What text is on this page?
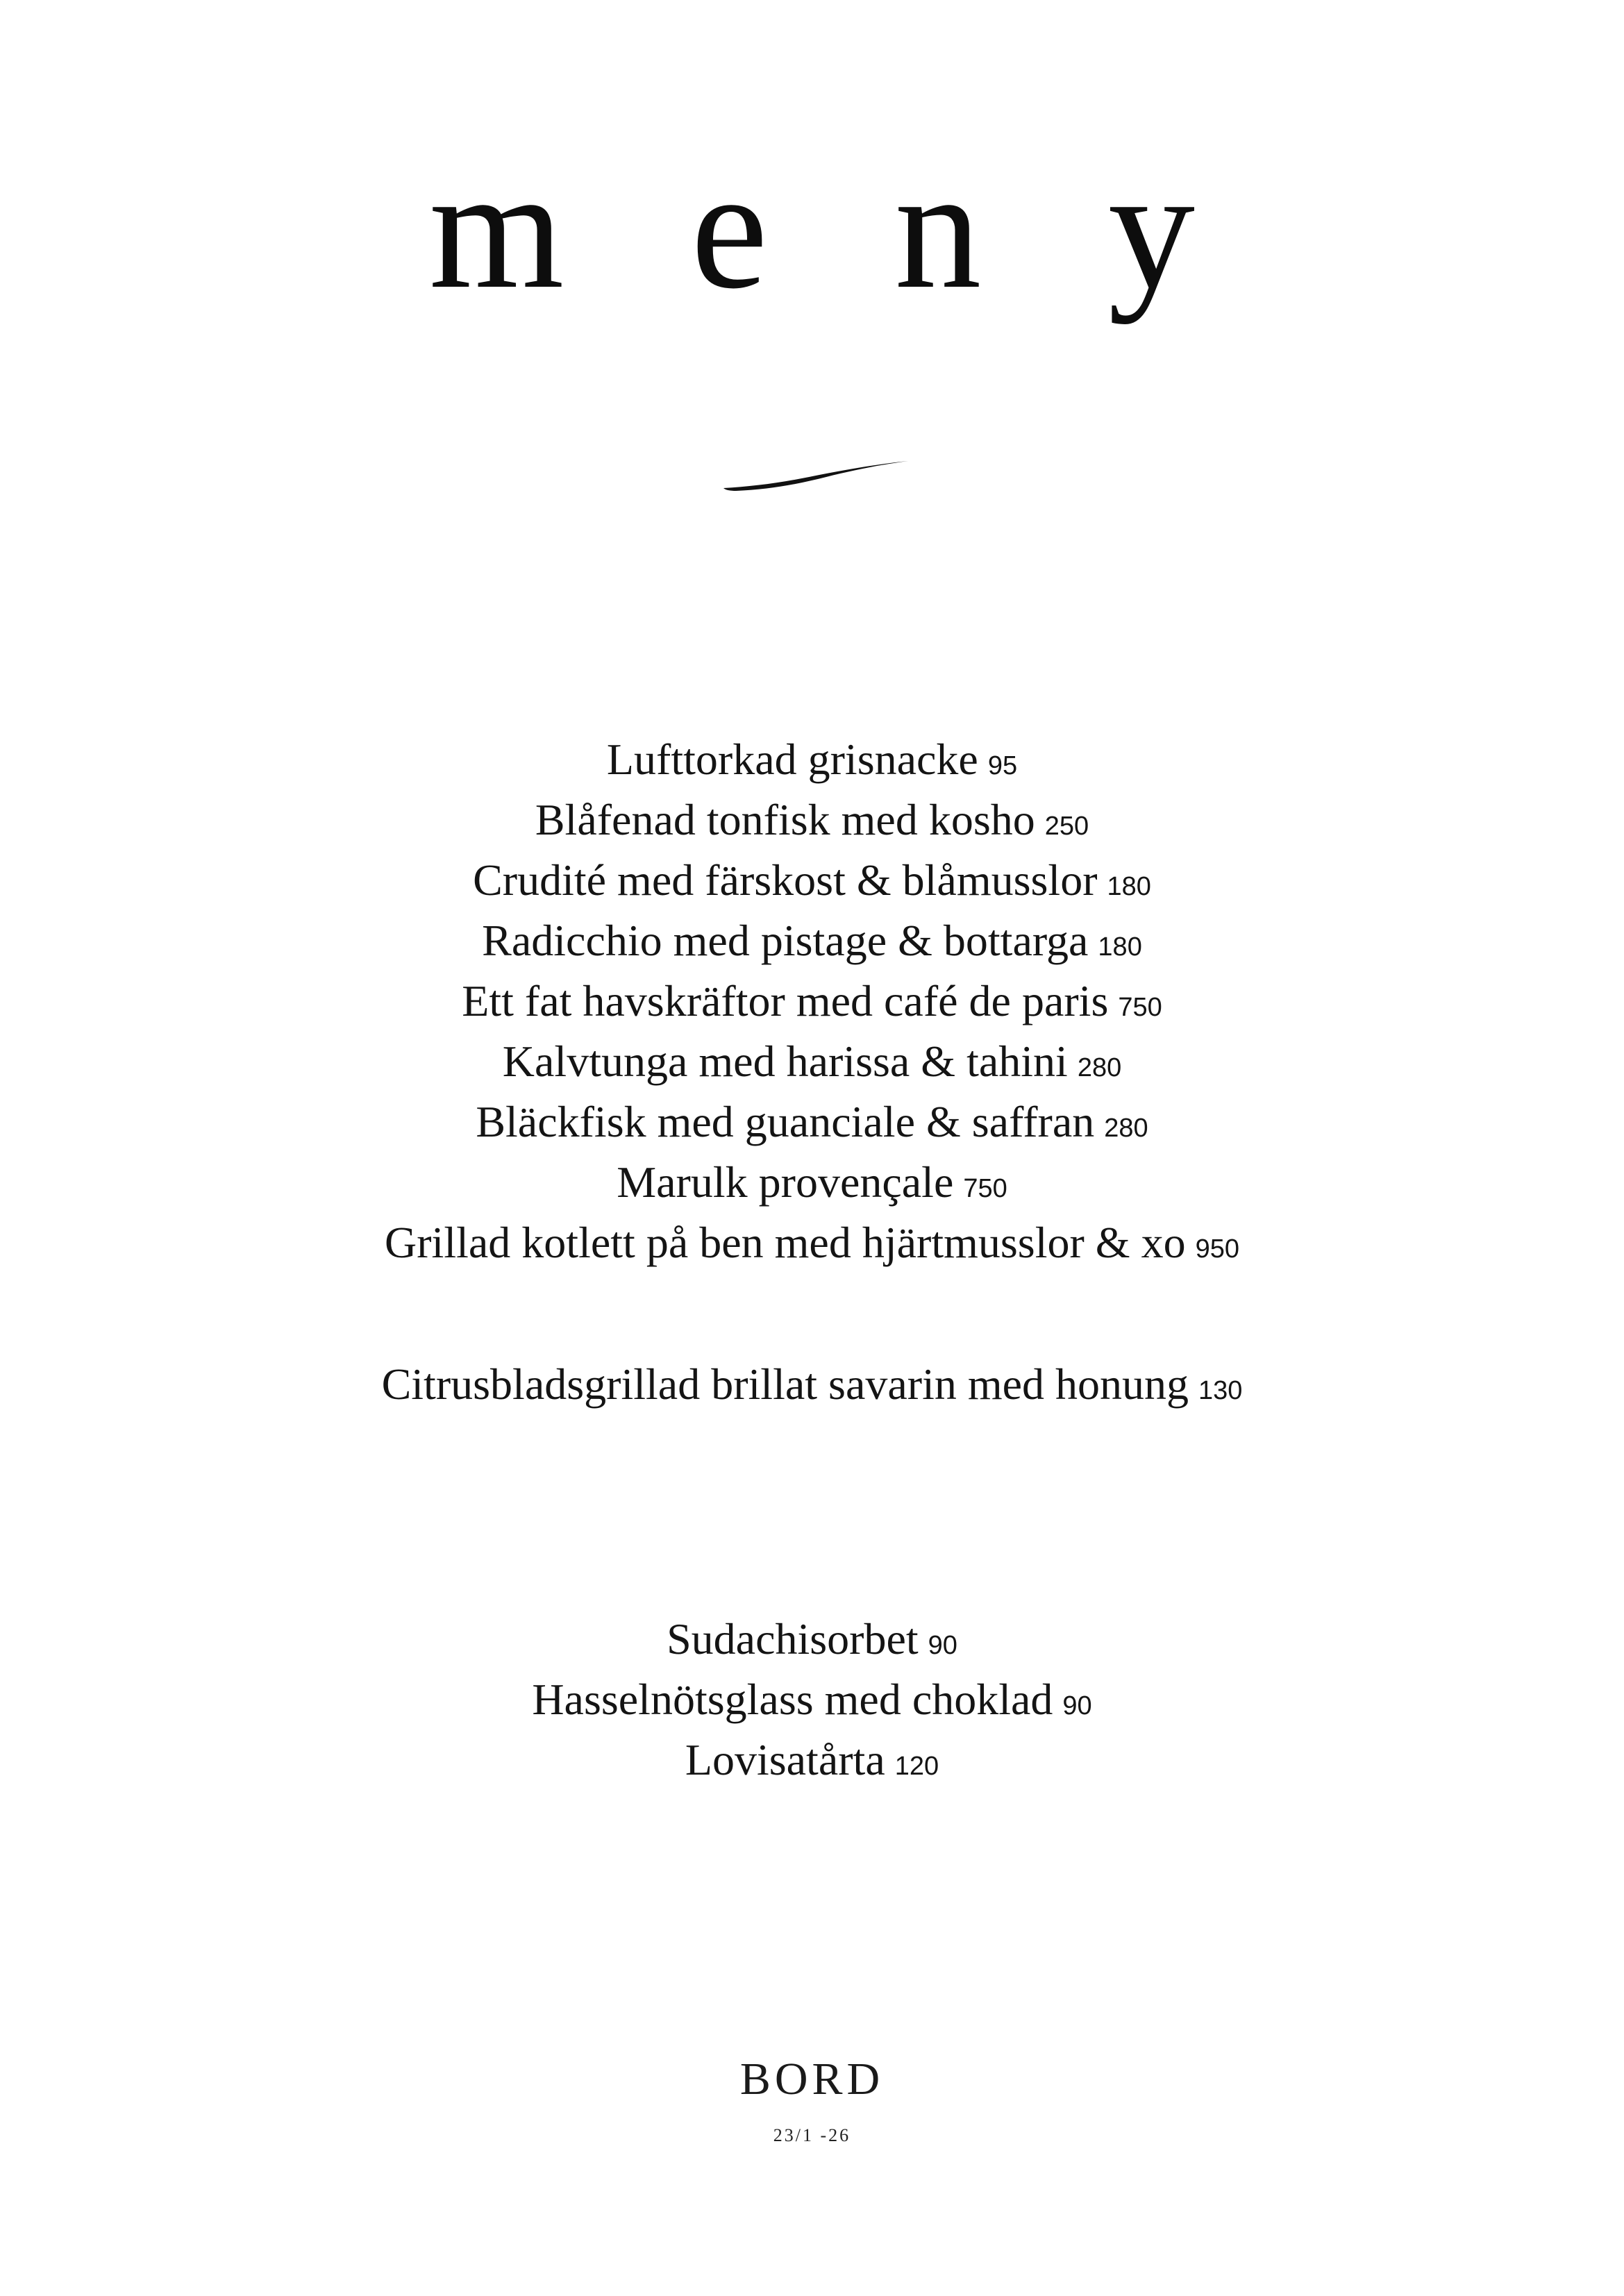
m e n y
Lufttorkad grisnacke 95
Blåfenad tonfisk med kosho 250
Crudité med färskost & blåmusslor 180
Radicchio med pistage & bottarga 180
Ett fat havskräftor med café de paris 750
Kalvtunga med harissa & tahini 280
Bläckfisk med guanciale & saffran 280
Marulk provençale 750
Grillad kotlett på ben med hjärtmusslor & xo 950
Citrusbladsgrillad brillat savarin med honung 130
Sudachisorbet 90
Hasselnötsglass med choklad 90
Lovisatårta 120
BORD
23/1 -26
